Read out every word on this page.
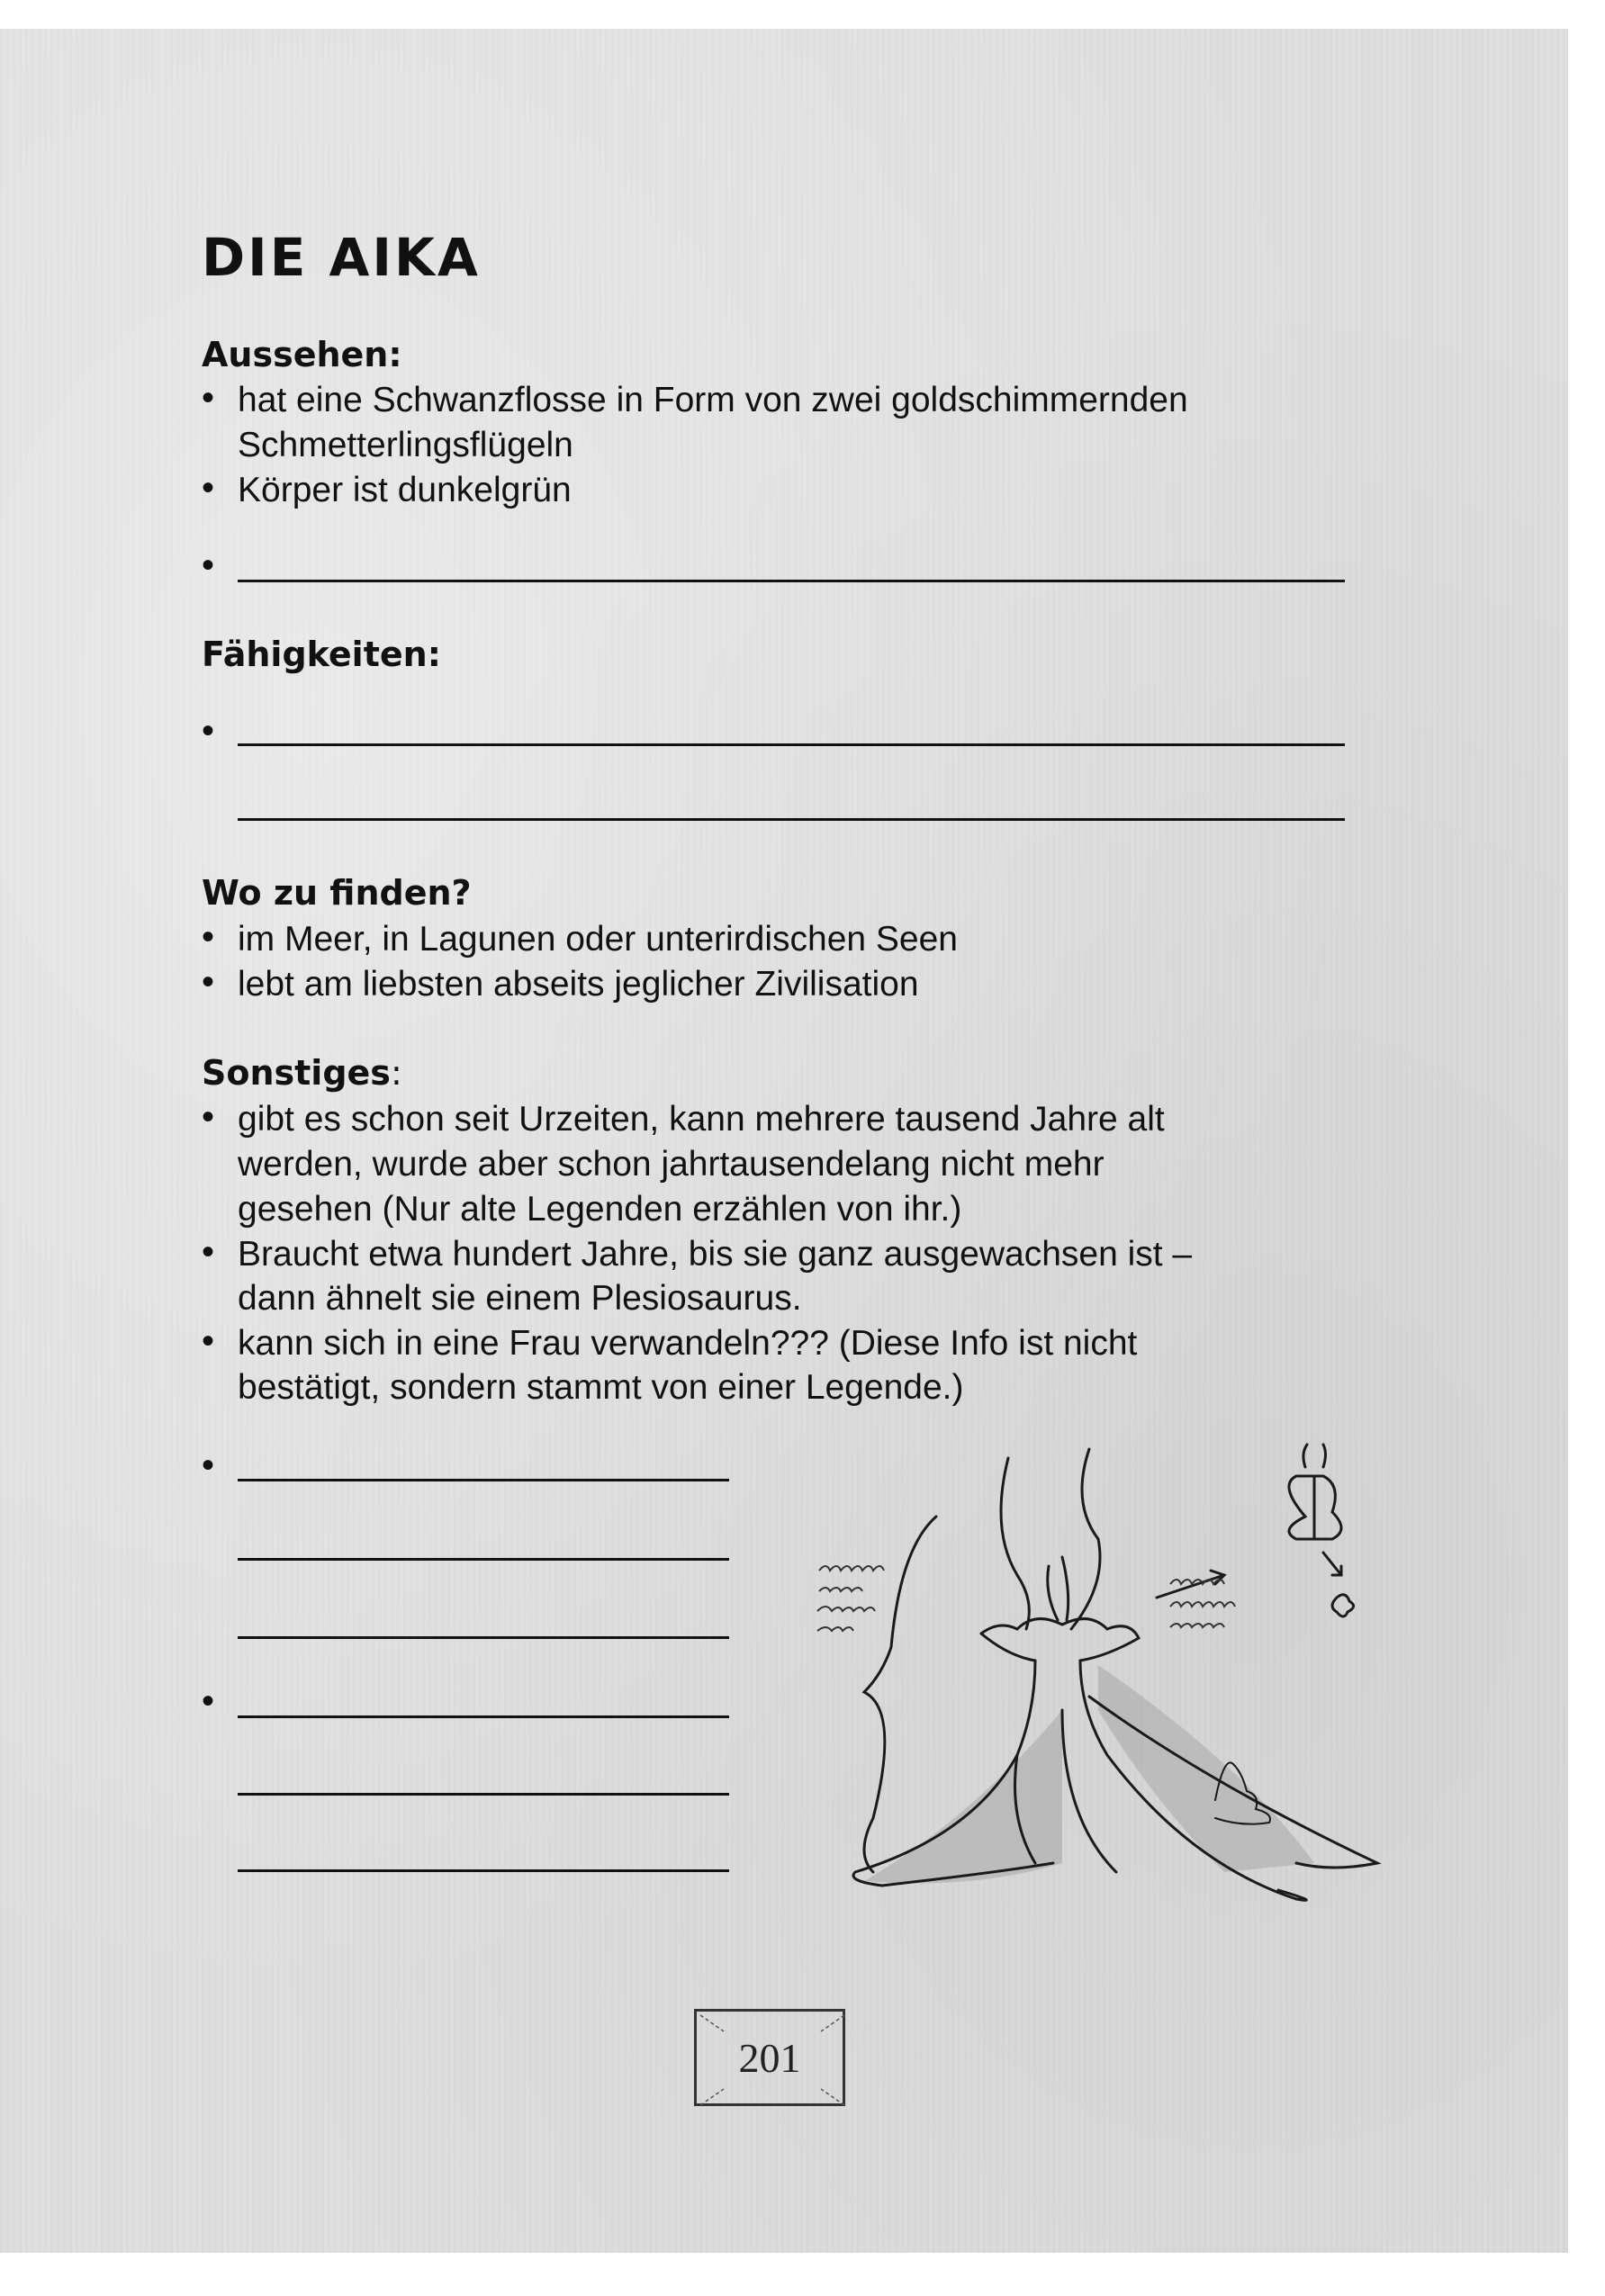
DIE AIKA
Aussehen:
• hat eine Schwanzflosse in Form von zwei goldschimmernden
Schmetterlingsflügeln
• Körper ist dunkelgrün
•
Fähigkeiten:
•
Wo zu finden?
• im Meer, in Lagunen oder unterirdischen Seen
• lebt am liebsten abseits jeglicher Zivilisation
Sonstiges:
• gibt es schon seit Urzeiten, kann mehrere tausend Jahre alt
werden, wurde aber schon jahrtausendelang nicht mehr
gesehen (Nur alte Legenden erzählen von ihr.)
• Braucht etwa hundert Jahre, bis sie ganz ausgewachsen ist –
dann ähnelt sie einem Plesiosaurus.
• kann sich in eine Frau verwandeln??? (Diese Info ist nicht
bestätigt, sondern stammt von einer Legende.)
•
•
201
